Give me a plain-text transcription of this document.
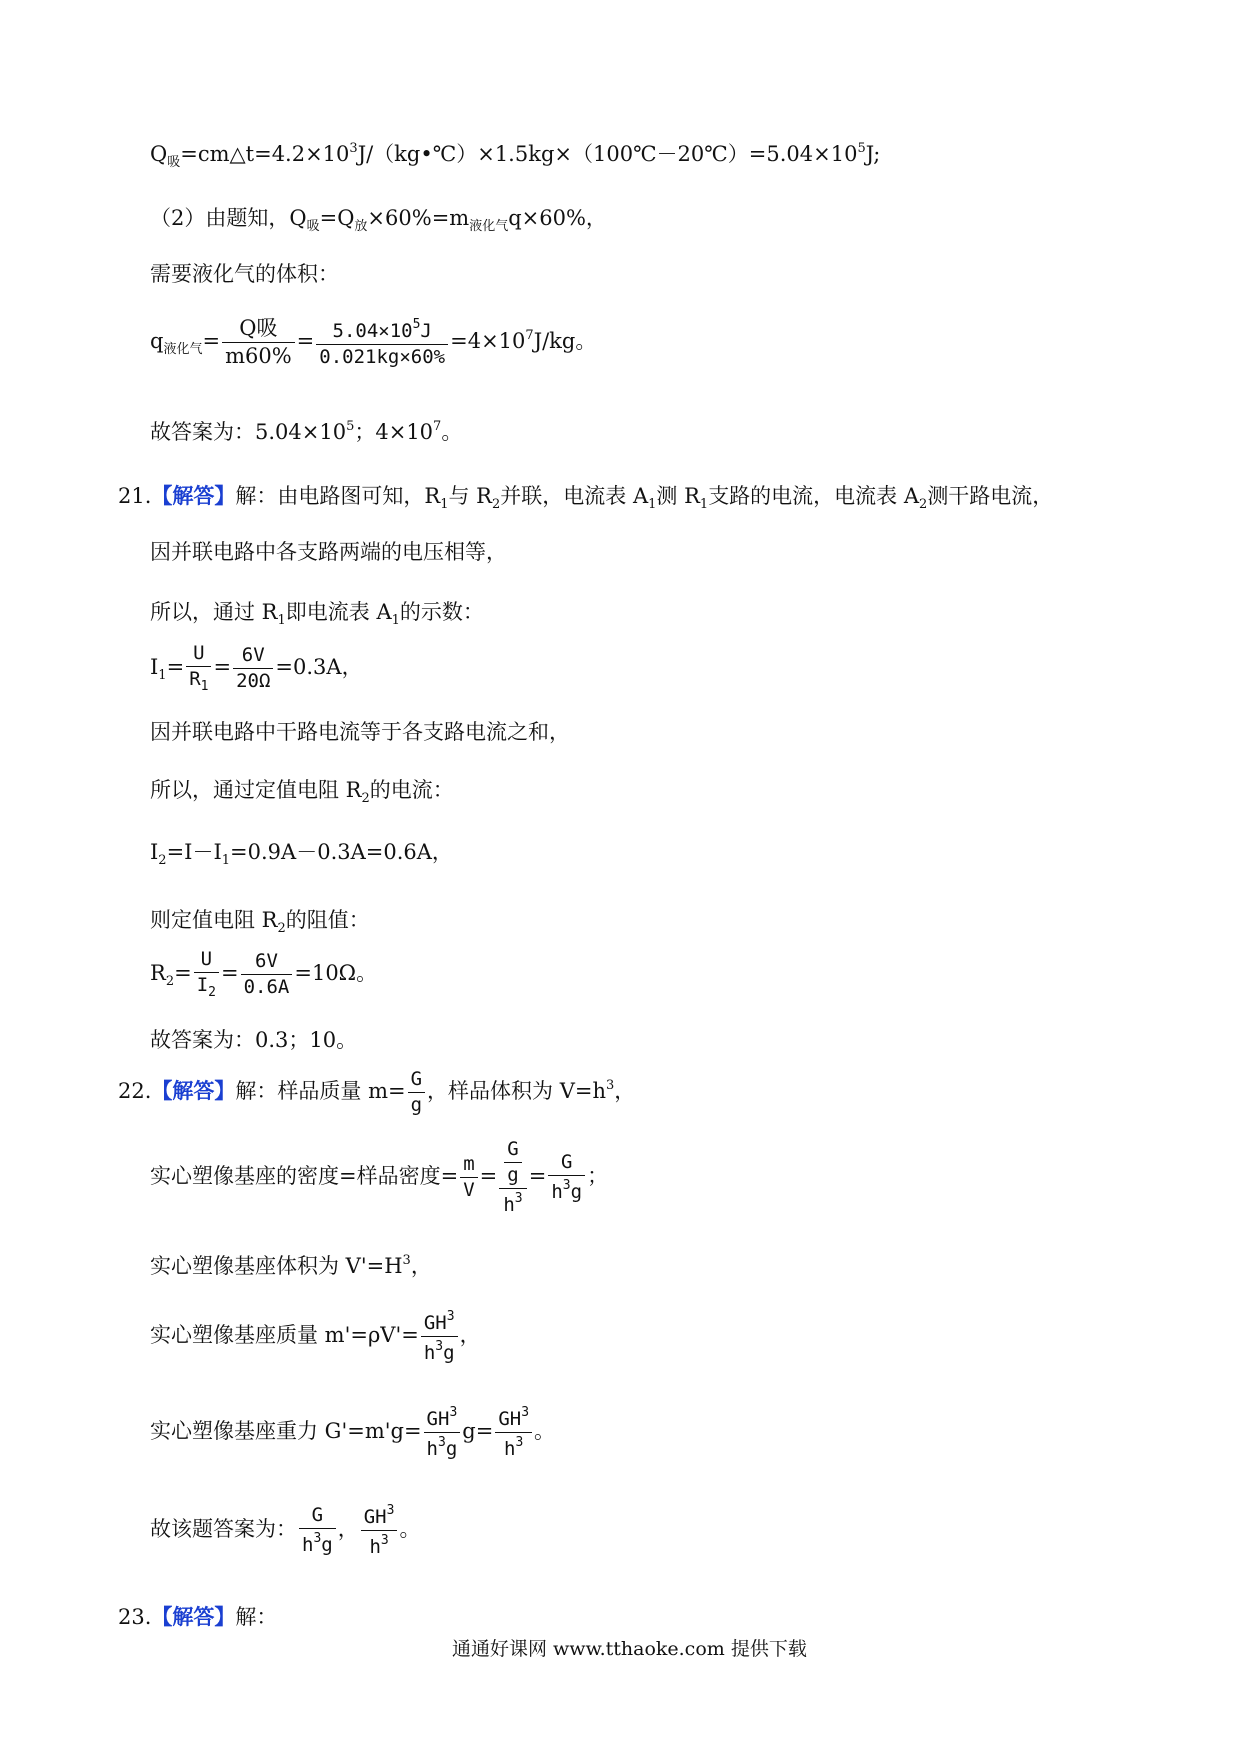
$Q_吸=cm\triangle t=4.2\times 10^3J/(kg•℃)\times 1.5kg\times(100℃-20℃)=5.04\times 10^5J$;
（2）由题知，$Q_吸=Q_放\times 60\%=m_{液化气}q\times 60\%$，
需要液化气的体积：
$q_{液化气}= \frac{\text{Q吸}}{m60\%} = \frac{5.04\times 10^5J}{0.021kg\times 60\%} =4\times 10^7J/kg$。
故答案为：$5.04\times 10^5$；$4\times 10^7$。
21.【解答】解：由电路图可知，$R_1$与 $R_2$并联，电流表 $A_1$测 $R_1$支路的电流，电流表 $A_2$测干路电流，
因并联电路中各支路两端的电压相等，
所以，通过 $R_1$即电流表 $A_1$的示数：
$I_1= \frac{U}{R_1} = \frac{6V}{20\Omega} =0.3A$，
因并联电路中干路电流等于各支路电流之和，
所以，通过定值电阻 $R_2$的电流：
$I_2=I-I_1=0.9A-0.3A=0.6A$，
则定值电阻 $R_2$的阻值：
$R_2= \frac{U}{I_2} = \frac{6V}{0.6A} =10\Omega$。
故答案为：0.3；10。
22.【解答】解：样品质量 $m= \frac{G}{g}$ ，样品体积为 $V=h^3$，
实心塑像基座的密度=样品密度= $\frac{m}{V} = \frac{\frac{G}{g}}{h^3} = \frac{G}{h^3g}$ ；
实心塑像基座体积为 $V'=H^3$，
实心塑像基座质量 $m'=\rho V'= \frac{GH^3}{h^3g}$ ，
实心塑像基座重力 $G'=m'g= \frac{GH^3}{h^3g} g= \frac{GH^3}{h^3}$ 。
故该题答案为： $\frac{G}{h^3g}$ ， $\frac{GH^3}{h^3}$ 。
23.【解答】解：
通通好课网 www.tthaoke.com 提供下载
